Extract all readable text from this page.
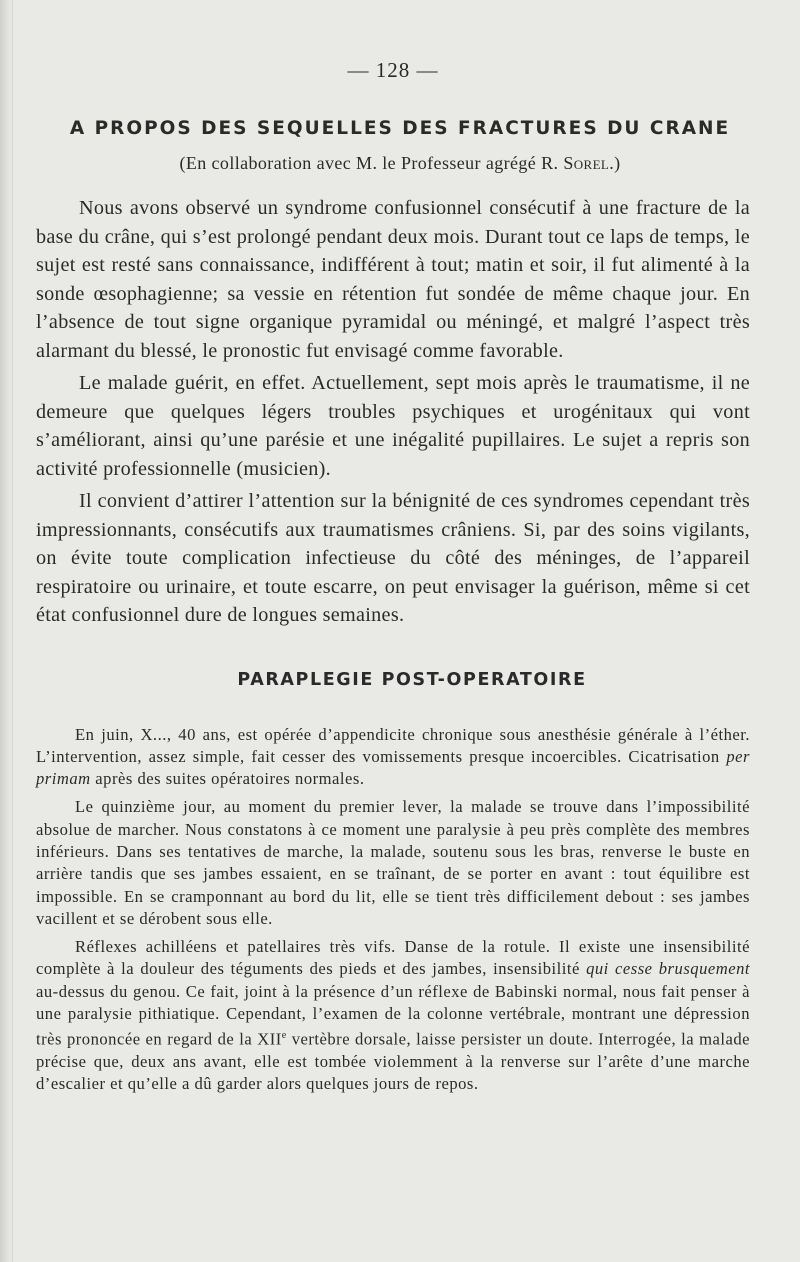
— 128 —
A PROPOS DES SEQUELLES DES FRACTURES DU CRANE
(En collaboration avec M. le Professeur agrégé R. Sorel.)

Nous avons observé un syndrome confusionnel consécutif à une fracture de la base du crâne, qui s’est prolongé pendant deux mois. Durant tout ce laps de temps, le sujet est resté sans connaissance, indifférent à tout; matin et soir, il fut alimenté à la sonde œsophagienne; sa vessie en rétention fut sondée de même chaque jour. En l’absence de tout signe organique pyramidal ou méningé, et malgré l’aspect très alarmant du blessé, le pronostic fut envisagé comme favorable.

Le malade guérit, en effet. Actuellement, sept mois après le traumatisme, il ne demeure que quelques légers troubles psychiques et urogénitaux qui vont s’améliorant, ainsi qu’une parésie et une inégalité pupillaires. Le sujet a repris son activité professionnelle (musicien).

Il convient d’attirer l’attention sur la bénignité de ces syndromes cependant très impressionnants, consécutifs aux traumatismes crâniens. Si, par des soins vigilants, on évite toute complication infectieuse du côté des méninges, de l’appareil respiratoire ou urinaire, et toute escarre, on peut envisager la guérison, même si cet état confusionnel dure de longues semaines.

PARAPLEGIE POST-OPERATOIRE

En juin, X..., 40 ans, est opérée d’appendicite chronique sous anesthésie générale à l’éther. L’intervention, assez simple, fait cesser des vomissements presque incoercibles. Cicatrisation per primam après des suites opératoires normales.

Le quinzième jour, au moment du premier lever, la malade se trouve dans l’impossibilité absolue de marcher. Nous constatons à ce moment une paralysie à peu près complète des membres inférieurs. Dans ses tentatives de marche, la malade, soutenu sous les bras, renverse le buste en arrière tandis que ses jambes essaient, en se traînant, de se porter en avant : tout équilibre est impossible. En se cramponnant au bord du lit, elle se tient très difficilement debout : ses jambes vacillent et se dérobent sous elle.

Réflexes achilléens et patellaires très vifs. Danse de la rotule. Il existe une insensibilité complète à la douleur des téguments des pieds et des jambes, insensibilité qui cesse brusquement au-dessus du genou. Ce fait, joint à la présence d’un réflexe de Babinski normal, nous fait penser à une paralysie pithiatique. Cependant, l’examen de la colonne vertébrale, montrant une dépression très prononcée en regard de la XIIe vertèbre dorsale, laisse persister un doute. Interrogée, la malade précise que, deux ans avant, elle est tombée violemment à la renverse sur l’arête d’une marche d’escalier et qu’elle a dû garder alors quelques jours de repos.
